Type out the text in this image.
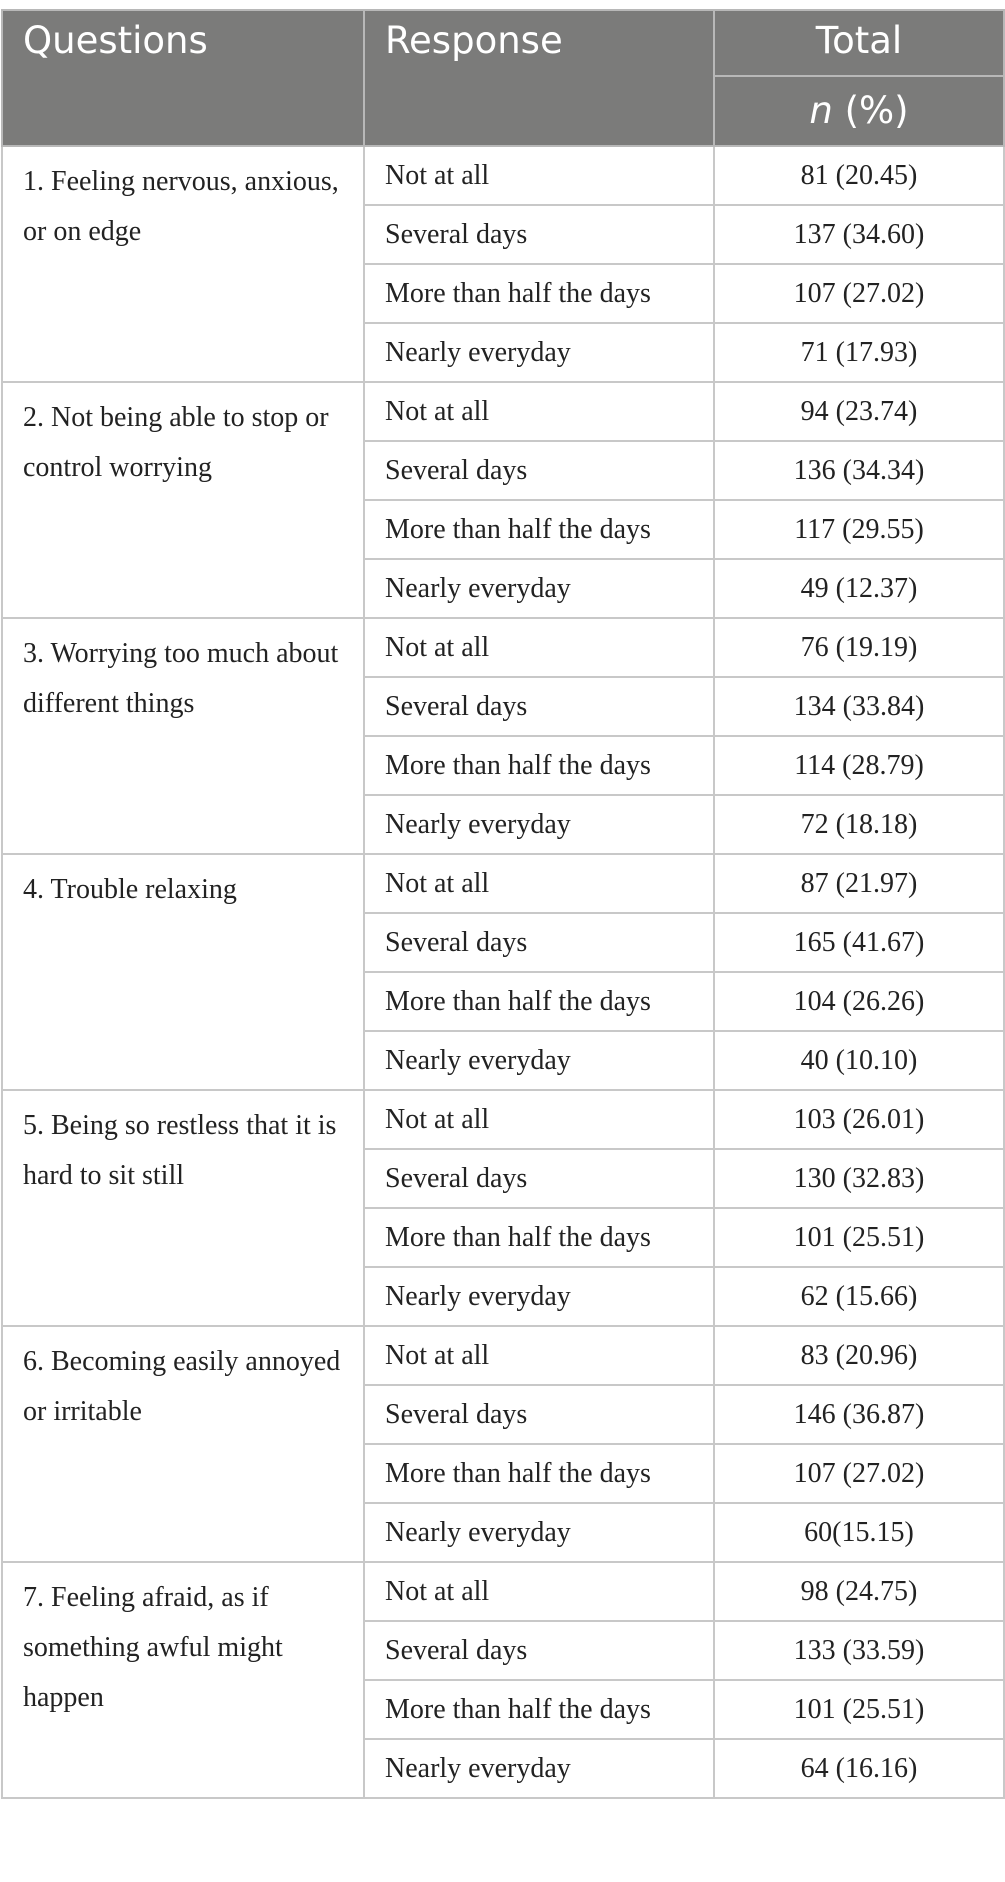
Questions	Response	Total
		n (%)
1. Feeling nervous, anxious, or on edge	Not at all	81 (20.45)
	Several days	137 (34.60)
	More than half the days	107 (27.02)
	Nearly everyday	71 (17.93)
2. Not being able to stop or control worrying	Not at all	94 (23.74)
	Several days	136 (34.34)
	More than half the days	117 (29.55)
	Nearly everyday	49 (12.37)
3. Worrying too much about different things	Not at all	76 (19.19)
	Several days	134 (33.84)
	More than half the days	114 (28.79)
	Nearly everyday	72 (18.18)
4. Trouble relaxing	Not at all	87 (21.97)
	Several days	165 (41.67)
	More than half the days	104 (26.26)
	Nearly everyday	40 (10.10)
5. Being so restless that it is hard to sit still	Not at all	103 (26.01)
	Several days	130 (32.83)
	More than half the days	101 (25.51)
	Nearly everyday	62 (15.66)
6. Becoming easily annoyed or irritable	Not at all	83 (20.96)
	Several days	146 (36.87)
	More than half the days	107 (27.02)
	Nearly everyday	60(15.15)
7. Feeling afraid, as if something awful might happen	Not at all	98 (24.75)
	Several days	133 (33.59)
	More than half the days	101 (25.51)
	Nearly everyday	64 (16.16)
